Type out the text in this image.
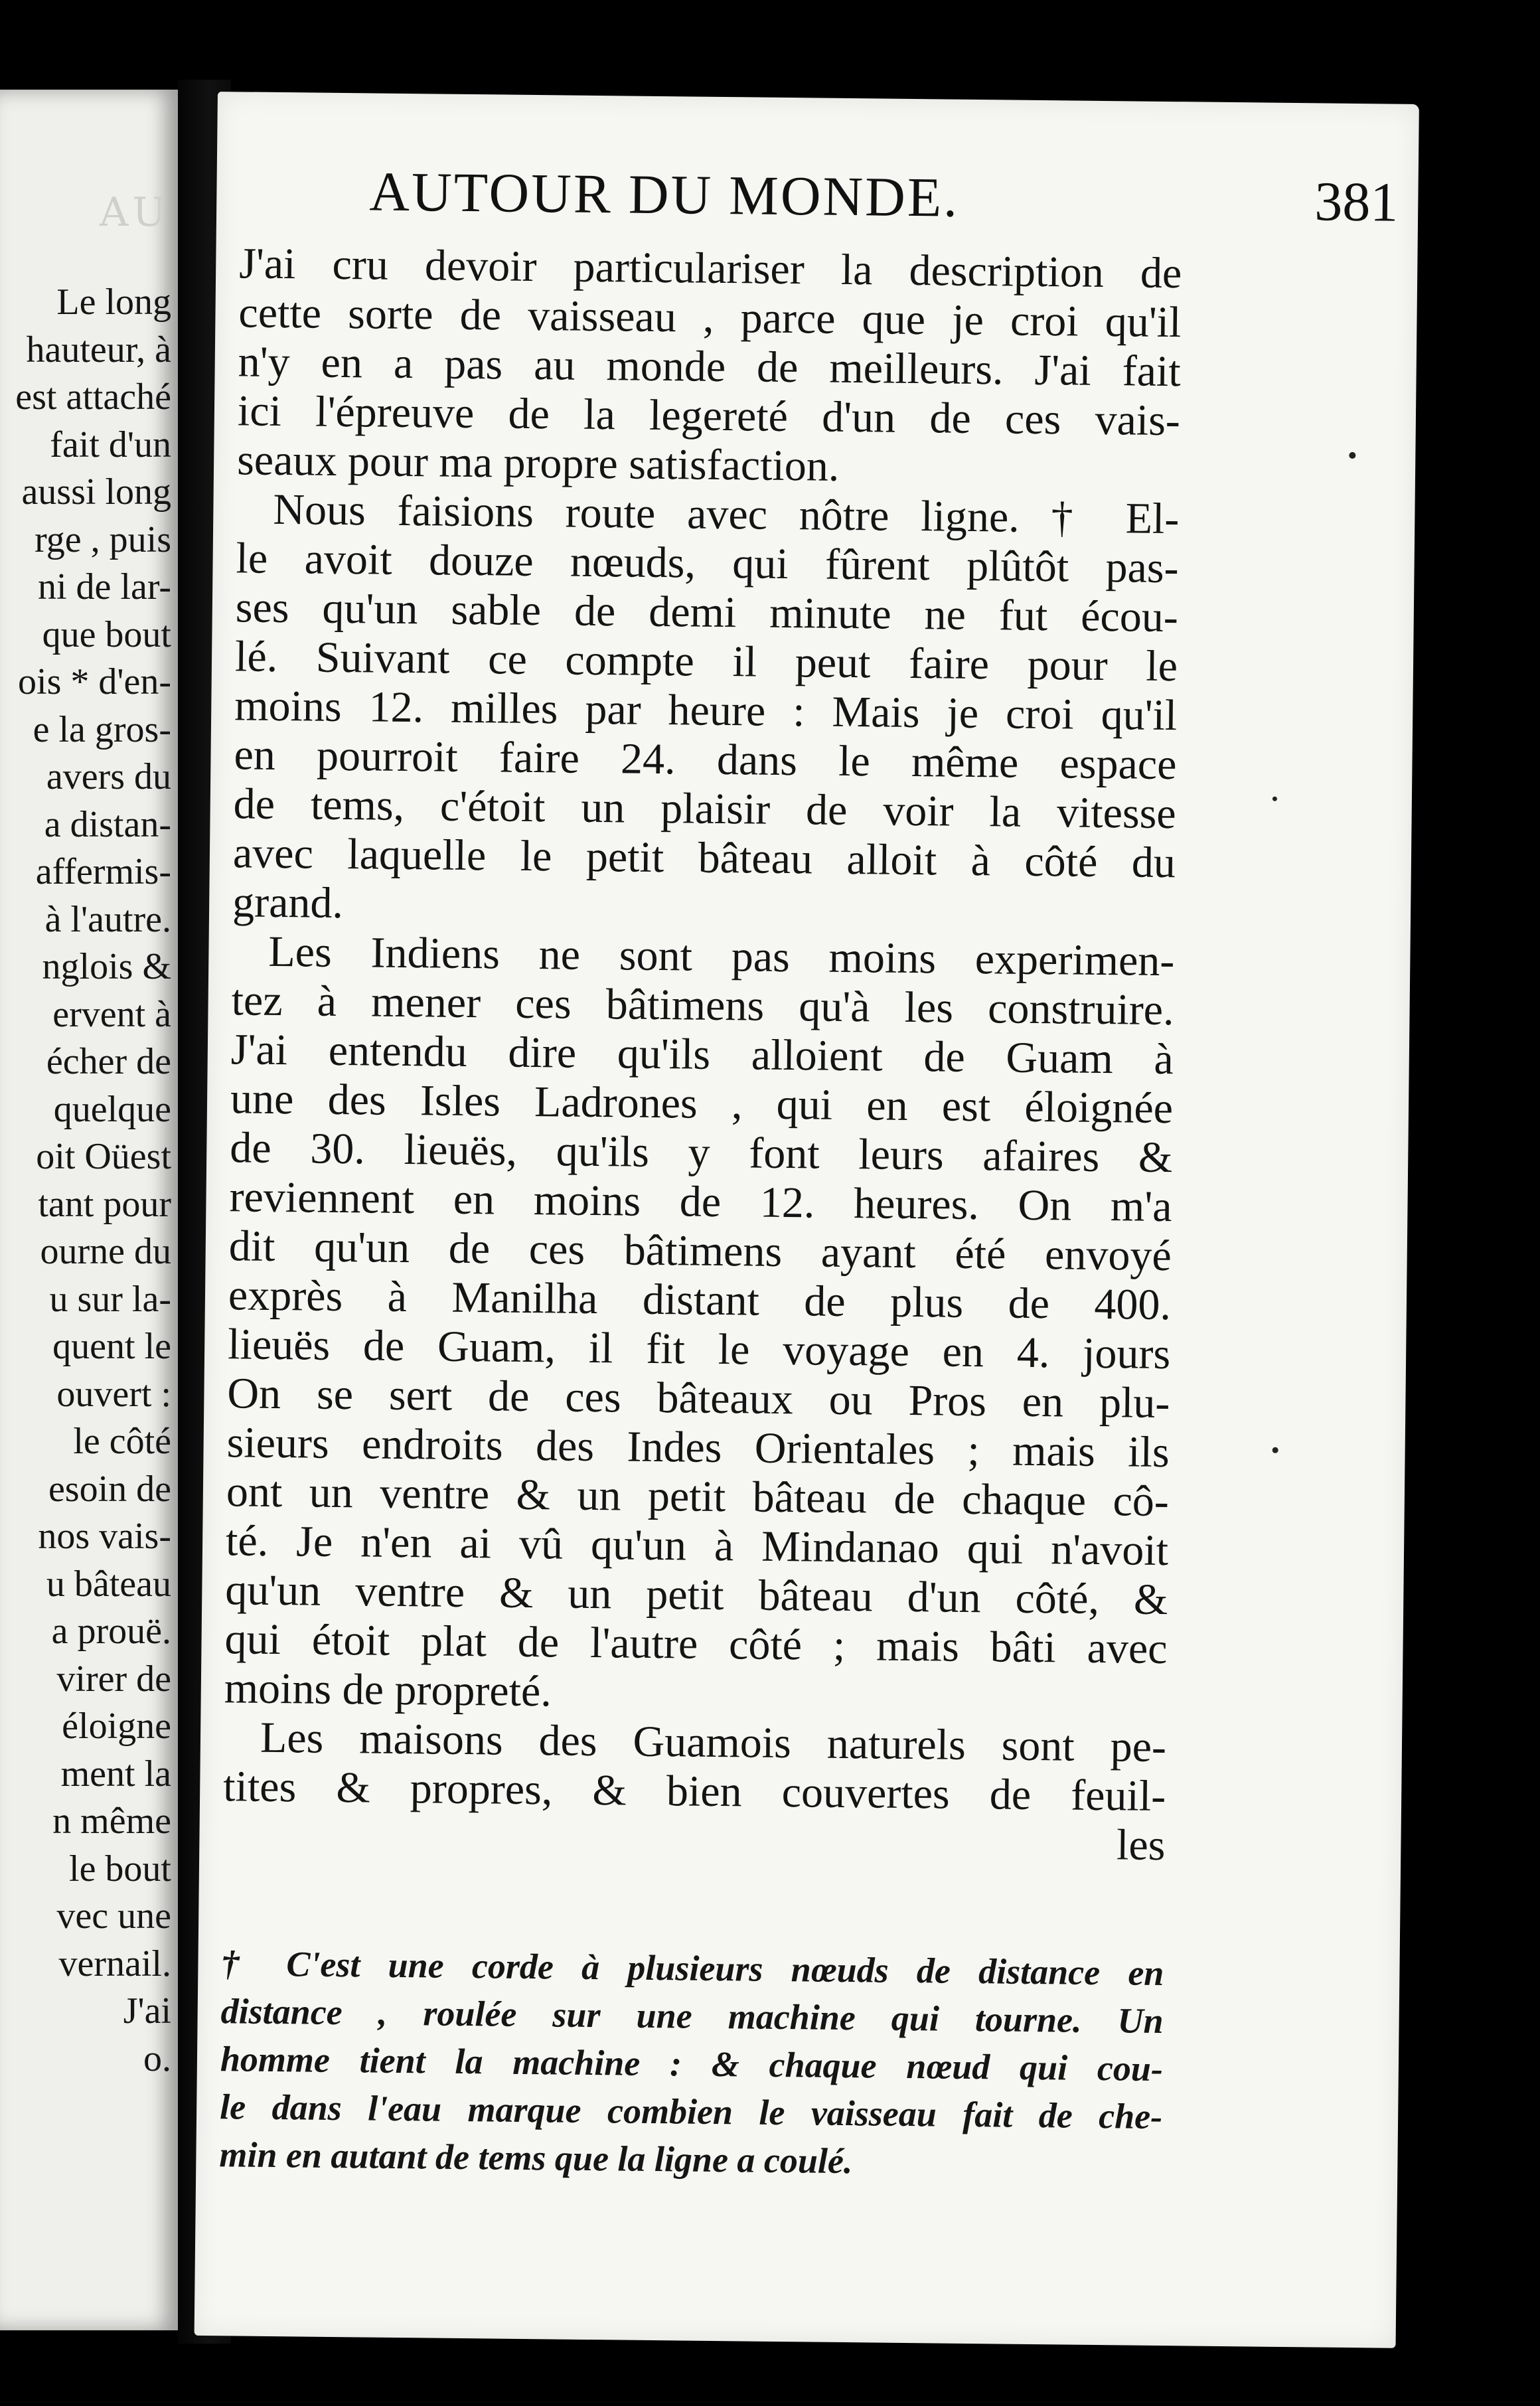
AU
Le long
hauteur, à
est attaché
fait d'un
aussi long
rge , puis
ni de lar-
que bout
ois * d'en-
e la gros-
avers du
a distan-
affermis-
à l'autre.
nglois &
ervent à
écher de
quelque
oit Oüest
tant pour
ourne du
u sur la-
quent le
ouvert :
le côté
esoin de
nos vais-
u bâteau
a prouë.
virer de
éloigne
ment la
n même
le bout
vec une
vernail.
J'ai
o.
AUTOUR DU MONDE.	381
J'ai cru devoir particulariser la description de
cette sorte de vaisseau , parce que je croi qu'il
n'y en a pas au monde de meilleurs. J'ai fait
ici l'épreuve de la legereté d'un de ces vais-
seaux pour ma propre satisfaction.
Nous faisions route avec nôtre ligne. † El-
le avoit douze nœuds, qui fûrent plûtôt pas-
ses qu'un sable de demi minute ne fut écou-
lé. Suivant ce compte il peut faire pour le
moins 12. milles par heure : Mais je croi qu'il
en pourroit faire 24. dans le même espace
de tems, c'étoit un plaisir de voir la vitesse
avec laquelle le petit bâteau alloit à côté du
grand.
Les Indiens ne sont pas moins experimen-
tez à mener ces bâtimens qu'à les construire.
J'ai entendu dire qu'ils alloient de Guam à
une des Isles Ladrones , qui en est éloignée
de 30. lieuës, qu'ils y font leurs afaires &
reviennent en moins de 12. heures. On m'a
dit qu'un de ces bâtimens ayant été envoyé
exprès à Manilha distant de plus de 400.
lieuës de Guam, il fit le voyage en 4. jours
On se sert de ces bâteaux ou Pros en plu-
sieurs endroits des Indes Orientales ; mais ils
ont un ventre & un petit bâteau de chaque cô-
té. Je n'en ai vû qu'un à Mindanao qui n'avoit
qu'un ventre & un petit bâteau d'un côté, &
qui étoit plat de l'autre côté ; mais bâti avec
moins de propreté.
Les maisons des Guamois naturels sont pe-
tites & propres, & bien couvertes de feuil-
les
† C'est une corde à plusieurs nœuds de distance en
distance , roulée sur une machine qui tourne. Un
homme tient la machine : & chaque nœud qui cou-
le dans l'eau marque combien le vaisseau fait de che-
min en autant de tems que la ligne a coulé.
